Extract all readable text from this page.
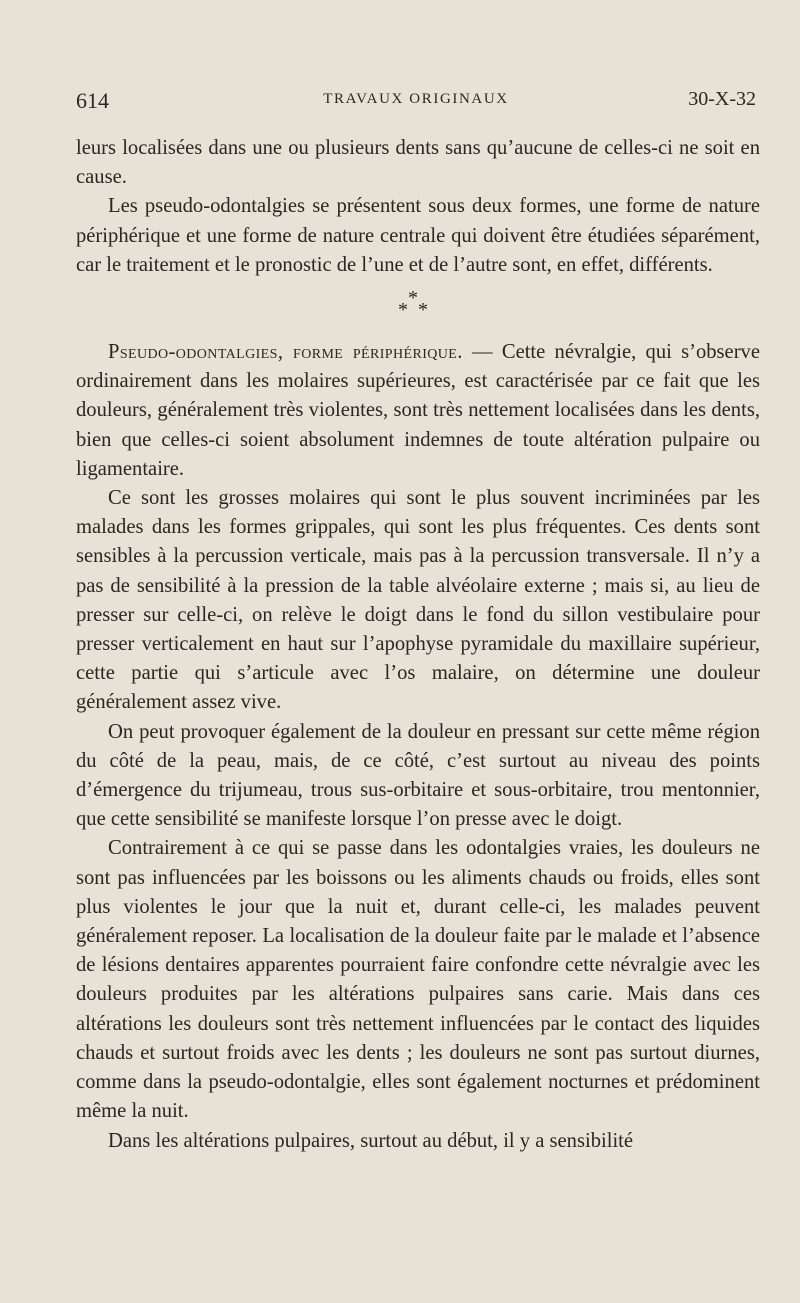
614	TRAVAUX ORIGINAUX	30-X-32

leurs localisées dans une ou plusieurs dents sans qu’aucune de celles-ci ne soit en cause.

Les pseudo-odontalgies se présentent sous deux formes, une forme de nature périphérique et une forme de nature centrale qui doivent être étudiées séparément, car le traitement et le pronostic de l’une et de l’autre sont, en effet, différents.

*
* *

Pseudo-odontalgies, forme périphérique. — Cette névralgie, qui s’observe ordinairement dans les molaires supérieures, est caractérisée par ce fait que les douleurs, généralement très violentes, sont très nettement localisées dans les dents, bien que celles-ci soient absolument indemnes de toute altération pulpaire ou ligamentaire.

Ce sont les grosses molaires qui sont le plus souvent incriminées par les malades dans les formes grippales, qui sont les plus fréquentes. Ces dents sont sensibles à la percussion verticale, mais pas à la percussion transversale. Il n’y a pas de sensibilité à la pression de la table alvéolaire externe ; mais si, au lieu de presser sur celle-ci, on relève le doigt dans le fond du sillon vestibulaire pour presser verticalement en haut sur l’apophyse pyramidale du maxillaire supérieur, cette partie qui s’articule avec l’os malaire, on détermine une douleur généralement assez vive.

On peut provoquer également de la douleur en pressant sur cette même région du côté de la peau, mais, de ce côté, c’est surtout au niveau des points d’émergence du trijumeau, trous sus-orbitaire et sous-orbitaire, trou mentonnier, que cette sensibilité se manifeste lorsque l’on presse avec le doigt.

Contrairement à ce qui se passe dans les odontalgies vraies, les douleurs ne sont pas influencées par les boissons ou les aliments chauds ou froids, elles sont plus violentes le jour que la nuit et, durant celle-ci, les malades peuvent généralement reposer. La localisation de la douleur faite par le malade et l’absence de lésions dentaires apparentes pourraient faire confondre cette névralgie avec les douleurs produites par les altérations pulpaires sans carie. Mais dans ces altérations les douleurs sont très nettement influencées par le contact des liquides chauds et surtout froids avec les dents ; les douleurs ne sont pas surtout diurnes, comme dans la pseudo-odontalgie, elles sont également nocturnes et prédominent même la nuit.

Dans les altérations pulpaires, surtout au début, il y a sensibilité
